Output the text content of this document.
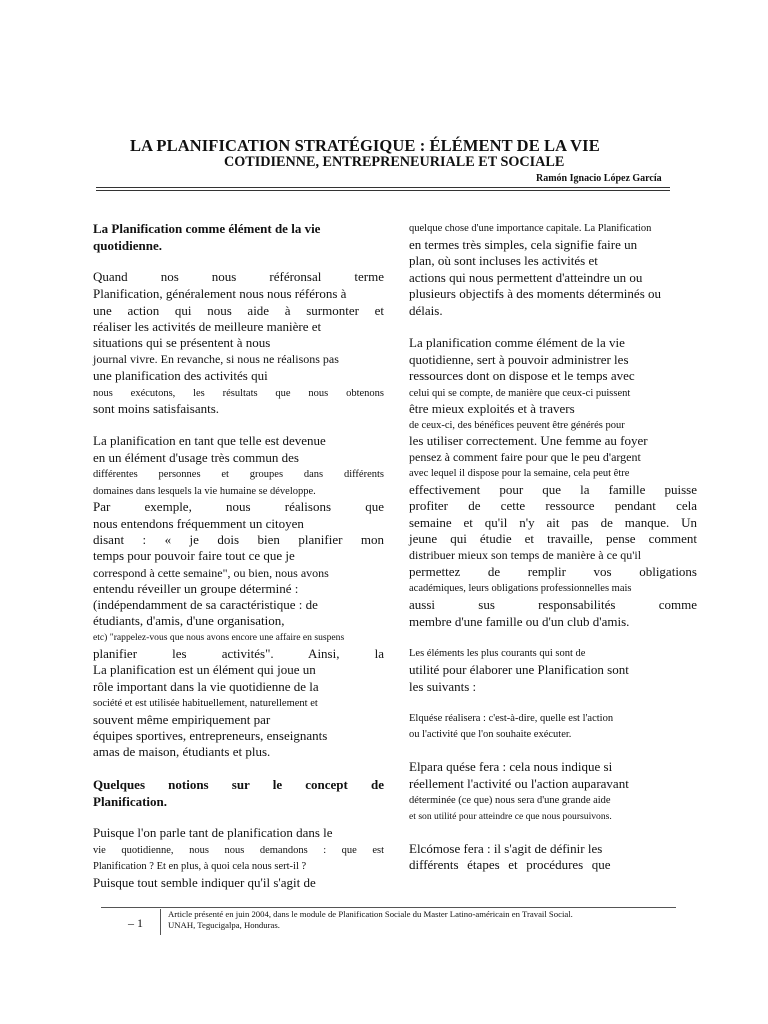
LA PLANIFICATION STRATÉGIQUE : ÉLÉMENT DE LA VIE
COTIDIENNE, ENTREPRENEURIALE ET SOCIALE
Ramón Ignacio López García
La Planification comme élément de la vie
quotidienne.
Quand nos nous référonsal terme
Planification, généralement nous nous référons à
une action qui nous aide à surmonter et
réaliser les activités de meilleure manière et
situations qui se présentent à nous
journal vivre. En revanche, si nous ne réalisons pas
une planification des activités qui
nous exécutons, les résultats que nous obtenons
sont moins satisfaisants.
La planification en tant que telle est devenue
en un élément d'usage très commun des
différentes personnes et groupes dans différents
domaines dans lesquels la vie humaine se développe.
Par exemple, nous réalisons que
nous entendons fréquemment un citoyen
disant : « je dois bien planifier mon
temps pour pouvoir faire tout ce que je
correspond à cette semaine", ou bien, nous avons
entendu réveiller un groupe déterminé :
(indépendamment de sa caractéristique : de
étudiants, d'amis, d'une organisation,
etc) "rappelez-vous que nous avons encore une affaire en suspens
planifier les activités". Ainsi, la
La planification est un élément qui joue un
rôle important dans la vie quotidienne de la
société et est utilisée habituellement, naturellement et
souvent même empiriquement par
équipes sportives, entrepreneurs, enseignants
amas de maison, étudiants et plus.
Quelques notions sur le concept de
Planification.
Puisque l'on parle tant de planification dans le
vie quotidienne, nous nous demandons : que est
Planification ? Et en plus, à quoi cela nous sert-il ?
Puisque tout semble indiquer qu'il s'agit de
quelque chose d'une importance capitale. La Planification
en termes très simples, cela signifie faire un
plan, où sont incluses les activités et
actions qui nous permettent d'atteindre un ou
plusieurs objectifs à des moments déterminés ou
délais.
La planification comme élément de la vie
quotidienne, sert à pouvoir administrer les
ressources dont on dispose et le temps avec
celui qui se compte, de manière que ceux-ci puissent
être mieux exploités et à travers
de ceux-ci, des bénéfices peuvent être générés pour
les utiliser correctement. Une femme au foyer
pensez à comment faire pour que le peu d'argent
avec lequel il dispose pour la semaine, cela peut être
effectivement pour que la famille puisse
profiter de cette ressource pendant cela
semaine et qu'il n'y ait pas de manque. Un
jeune qui étudie et travaille, pense comment
distribuer mieux son temps de manière à ce qu'il
permettez de remplir vos obligations
académiques, leurs obligations professionnelles mais
aussi sus responsabilités comme
membre d'une famille ou d'un club d'amis.
Les éléments les plus courants qui sont de
utilité pour élaborer une Planification sont
les suivants :
Elquése réalisera : c'est-à-dire, quelle est l'action
ou l'activité que l'on souhaite exécuter.
Elpara quése fera : cela nous indique si
réellement l'activité ou l'action auparavant
déterminée (ce que) nous sera d'une grande aide
et son utilité pour atteindre ce que nous poursuivons.
Elcómose fera : il s'agit de définir les
différents étapes et procédures que
– 1
Article présenté en juin 2004, dans le module de Planification Sociale du Master Latino-américain en Travail Social.
UNAH, Tegucigalpa, Honduras.
